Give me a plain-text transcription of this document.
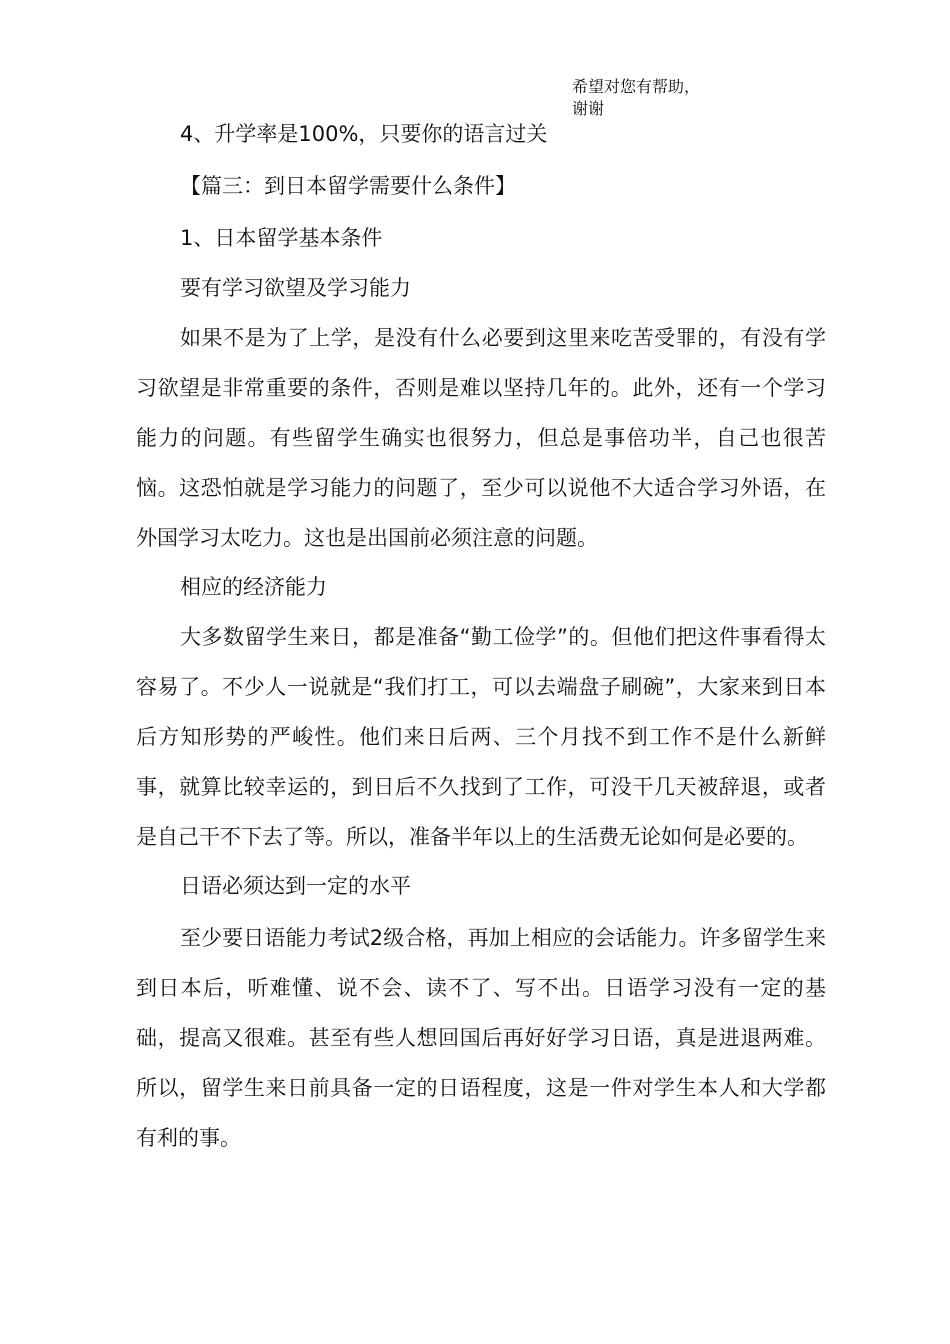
希望对您有帮助，
谢谢
4、升学率是100%，只要你的语言过关
【篇三：到日本留学需要什么条件】
1、日本留学基本条件
要有学习欲望及学习能力
如果不是为了上学，是没有什么必要到这里来吃苦受罪的，有没有学习欲望是非常重要的条件，否则是难以坚持几年的。此外，还有一个学习能力的问题。有些留学生确实也很努力，但总是事倍功半，自己也很苦恼。这恐怕就是学习能力的问题了，至少可以说他不大适合学习外语，在外国学习太吃力。这也是出国前必须注意的问题。
相应的经济能力
大多数留学生来日，都是准备“勤工俭学”的。但他们把这件事看得太容易了。不少人一说就是“我们打工，可以去端盘子刷碗”，大家来到日本后方知形势的严峻性。他们来日后两、三个月找不到工作不是什么新鲜事，就算比较幸运的，到日后不久找到了工作，可没干几天被辞退，或者是自己干不下去了等。所以，准备半年以上的生活费无论如何是必要的。
日语必须达到一定的水平
至少要日语能力考试2级合格，再加上相应的会话能力。许多留学生来到日本后，听难懂、说不会、读不了、写不出。日语学习没有一定的基础，提高又很难。甚至有些人想回国后再好好学习日语，真是进退两难。所以，留学生来日前具备一定的日语程度，这是一件对学生本人和大学都有利的事。
